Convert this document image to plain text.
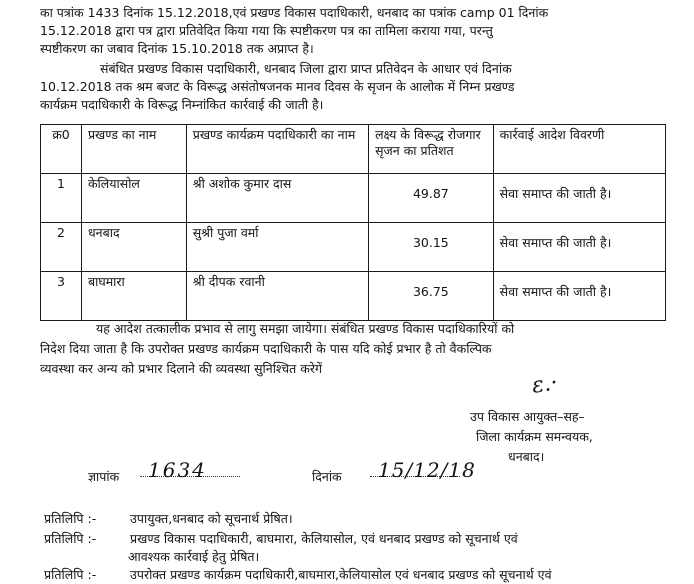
का पत्रांक 1433 दिनांक 15.12.2018,एवं प्रखण्ड विकास पदाधिकारी, धनबाद का पत्रांक camp 01 दिनांक
15.12.2018 द्वारा पत्र द्वारा प्रतिवेदित किया गया कि स्पष्टीकरण पत्र का तामिला कराया गया, परन्तु
स्पष्टीकरण का जबाव दिनांक 15.10.2018 तक अप्राप्त है।
संबंधित प्रखण्ड विकास पदाधिकारी, धनबाद जिला द्वारा प्राप्त प्रतिवेदन के आधार एवं दिनांक
10.12.2018 तक श्रम बजट के विरूद्ध असंतोषजनक मानव दिवस के सृजन के आलोक में निम्न प्रखण्ड
कार्यक्रम पदाधिकारी के विरूद्ध निम्नांकित कार्रवाई की जाती है।
क्र0	प्रखण्ड का नाम	प्रखण्ड कार्यक्रम पदाधिकारी का नाम	लक्ष्य के विरूद्ध रोजगार सृजन का प्रतिशत	कार्रवाई आदेश विवरणी
1	केलियासोल	श्री अशोक कुमार दास	49.87	सेवा समाप्त की जाती है।
2	धनबाद	सुश्री पुजा वर्मा	30.15	सेवा समाप्त की जाती है।
3	बाघमारा	श्री दीपक रवानी	36.75	सेवा समाप्त की जाती है।
यह आदेश तत्कालीक प्रभाव से लागु समझा जायेगा। संबंधित प्रखण्ड विकास पदाधिकारियों को
निदेश दिया जाता है कि उपरोक्त प्रखण्ड कार्यक्रम पदाधिकारी के पास यदि कोई प्रभार है तो वैकल्पिक
व्यवस्था कर अन्य को प्रभार दिलाने की व्यवस्था सुनिश्चित करेगें
ε.·
उप विकास आयुक्त–सह–
जिला कार्यक्रम समन्वयक,
धनबाद।
ज्ञापांक 1634	दिनांक 15/12/18
प्रतिलिपि :-	उपायुक्त,धनबाद को सूचनार्थ प्रेषित।
प्रतिलिपि :-	प्रखण्ड विकास पदाधिकारी, बाघमारा, केलियासोल, एवं धनबाद प्रखण्ड को सूचनार्थ एवं
आवश्यक कार्रवाई हेतु प्रेषित।
प्रतिलिपि :-	उपरोक्त प्रखण्ड कार्यक्रम पदाधिकारी,बाघमारा,केलियासोल एवं धनबाद प्रखण्ड को सूचनार्थ एवं
